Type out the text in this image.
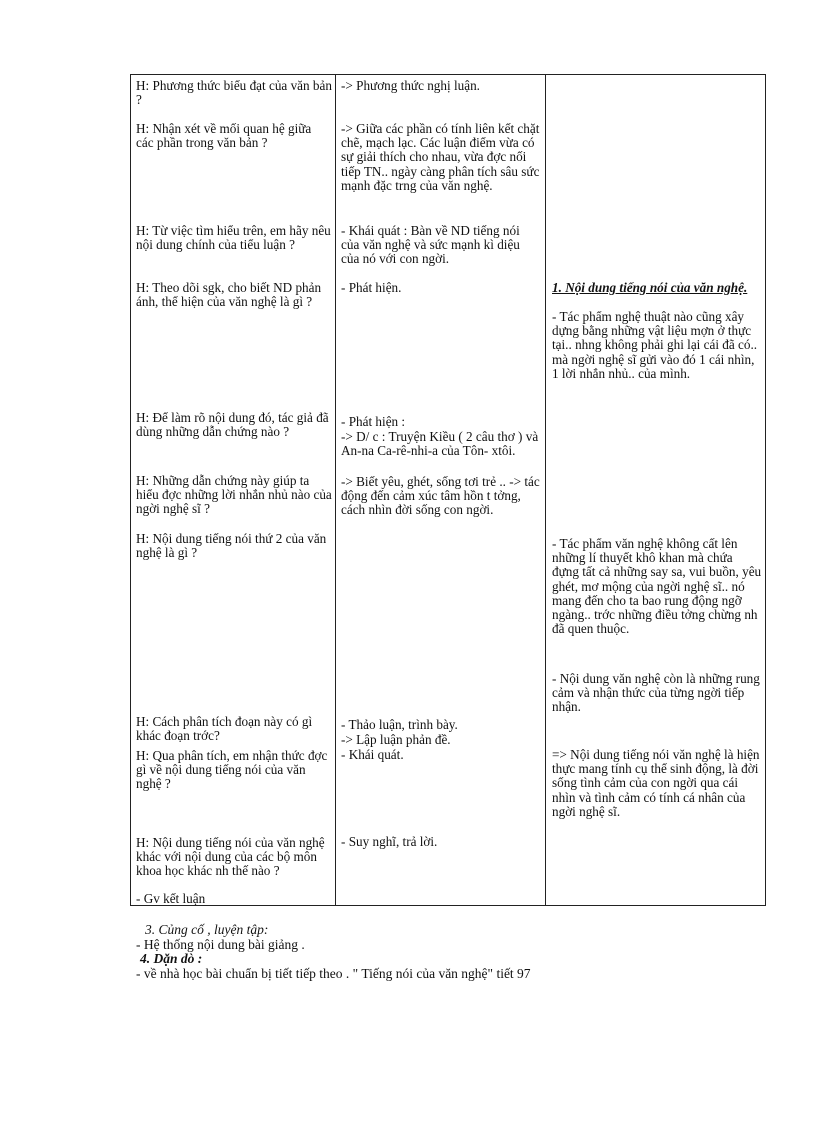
H: Phương thức biểu đạt của văn bản ?
H: Nhận xét về mối quan hệ giữa các phần trong văn bản ?
H: Từ việc tìm hiểu trên, em hãy nêu nội dung chính của tiểu luận ?
H: Theo dõi sgk, cho biết ND phản ánh, thể hiện của văn nghệ là gì ?
H: Để làm rõ nội dung đó, tác giả đã dùng những dẫn chứng nào ?
H: Những dẫn chứng này giúp ta hiểu đợc những lời nhắn nhủ nào của ngời nghệ sĩ ?
H: Nội dung tiếng nói thứ 2 của văn nghệ là gì ?
H: Cách phân tích đoạn này có gì khác đoạn trớc?
H: Qua phân tích, em nhận thức đợc gì về nội dung tiếng nói của văn nghệ ?
H: Nội dung tiếng nói của văn nghệ khác với nội dung của các bộ môn khoa học khác nh thế nào ?
- Gv kết luận
-> Phương thức nghị luận.
-> Giữa các phần có tính liên kết chặt chẽ, mạch lạc. Các luận điểm vừa có sự giải thích cho nhau, vừa đợc nối tiếp TN.. ngày càng phân tích sâu sức mạnh đặc trng của văn nghệ.
- Khái quát : Bàn về ND tiếng nói của văn nghệ và sức mạnh kì diệu của nó với con ngời.
- Phát hiện.
- Phát hiện :
-> D/ c : Truyện Kiều ( 2 câu thơ ) và An-na Ca-rê-nhi-a của Tôn- xtôi.
-> Biết yêu, ghét, sống tơi trẻ .. -> tác động đến cảm xúc tâm hồn t tởng, cách nhìn đời sống con ngời.
- Thảo luận, trình bày.
-> Lập luận phản đề.
- Khái quát.
- Suy nghĩ, trả lời.
1. Nội dung tiếng nói của văn nghệ.
- Tác phẩm nghệ thuật nào cũng xây dựng bằng những vật liệu mợn ở thực tại.. nhng không phải ghi lại cái đã có.. mà ngời nghệ sĩ gửi vào đó 1 cái nhìn, 1 lời nhắn nhủ.. của mình.
- Tác phẩm văn nghệ không cất lên những lí thuyết khô khan mà chứa đựng tất cả những say sa, vui buồn, yêu ghét, mơ mộng của ngời nghệ sĩ.. nó mang đến cho ta bao rung động ngỡ ngàng.. trớc những điều tởng chừng nh đã quen thuộc.
- Nội dung văn nghệ còn là những rung cảm và nhận thức của từng ngời tiếp nhận.
=> Nội dung tiếng nói văn nghệ là hiện thực mang tính cụ thể sinh động, là đời sống tình cảm của con ngời qua cái nhìn và tình cảm có tính cá nhân của ngời nghệ sĩ.
3. Củng cố , luyện tập:
- Hệ thống nội dung bài giảng .
4. Dặn dò :
- về nhà học bài chuẩn bị tiết tiếp theo . " Tiếng nói của văn nghệ" tiết 97
